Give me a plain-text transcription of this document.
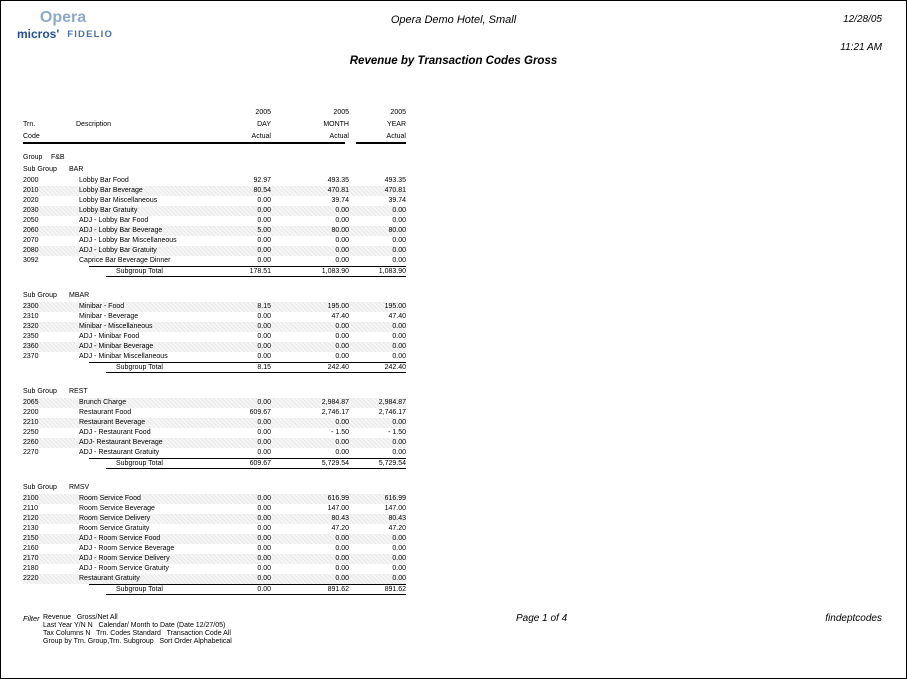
Opera
micros' FIDELIO
Opera Demo Hotel, Small
Revenue by Transaction Codes Gross
12/28/05
11:21 AM
2005	2005	2005
Trn.	Description	DAY	MONTH	YEAR
Code	Actual	Actual	Actual
Group F&B
Sub Group BAR
2000	Lobby Bar Food	92.97	493.35	493.35
2010	Lobby Bar Beverage	80.54	470.81	470.81
2020	Lobby Bar Miscellaneous	0.00	39.74	39.74
2030	Lobby Bar Gratuity	0.00	0.00	0.00
2050	ADJ - Lobby Bar Food	0.00	0.00	0.00
2060	ADJ - Lobby Bar Beverage	5.00	80.00	80.00
2070	ADJ - Lobby Bar Miscellaneous	0.00	0.00	0.00
2080	ADJ - Lobby Bar Gratuity	0.00	0.00	0.00
3092	Caprice Bar Beverage Dinner	0.00	0.00	0.00
Subgroup Total	178.51	1,083.90	1,083.90
Sub Group MBAR
2300	Minibar - Food	8.15	195.00	195.00
2310	Minibar - Beverage	0.00	47.40	47.40
2320	Minibar - Miscellaneous	0.00	0.00	0.00
2350	ADJ - Minibar Food	0.00	0.00	0.00
2360	ADJ - Minibar Beverage	0.00	0.00	0.00
2370	ADJ - Minibar Miscellaneous	0.00	0.00	0.00
Subgroup Total	8.15	242.40	242.40
Sub Group REST
2065	Brunch Charge	0.00	2,984.87	2,984.87
2200	Restaurant Food	609.67	2,746.17	2,746.17
2210	Restaurant Beverage	0.00	0.00	0.00
2250	ADJ - Restaurant Food	0.00	- 1.50	- 1.50
2260	ADJ- Restaurant Beverage	0.00	0.00	0.00
2270	ADJ - Restaurant Gratuity	0.00	0.00	0.00
Subgroup Total	609.67	5,729.54	5,729.54
Sub Group RMSV
2100	Room Service Food	0.00	616.99	616.99
2110	Room Service Beverage	0.00	147.00	147.00
2120	Room Service Delivery	0.00	80.43	80.43
2130	Room Service Gratuity	0.00	47.20	47.20
2150	ADJ - Room Service Food	0.00	0.00	0.00
2160	ADJ - Room Service Beverage	0.00	0.00	0.00
2170	ADJ - Room Service Delivery	0.00	0.00	0.00
2180	ADJ - Room Service Gratuity	0.00	0.00	0.00
2220	Restaurant Gratuity	0.00	0.00	0.00
Subgroup Total	0.00	891.62	891.62
Filter Revenue   Gross/Net All
Last Year Y/N N   Calendar/ Month to Date (Date 12/27/05)
Tax Columns N   Trn. Codes Standard   Transaction Code All
Group by Trn. Group,Trn. Subgroup   Sort Order Alphabetical
Page 1 of 4	findeptcodes
